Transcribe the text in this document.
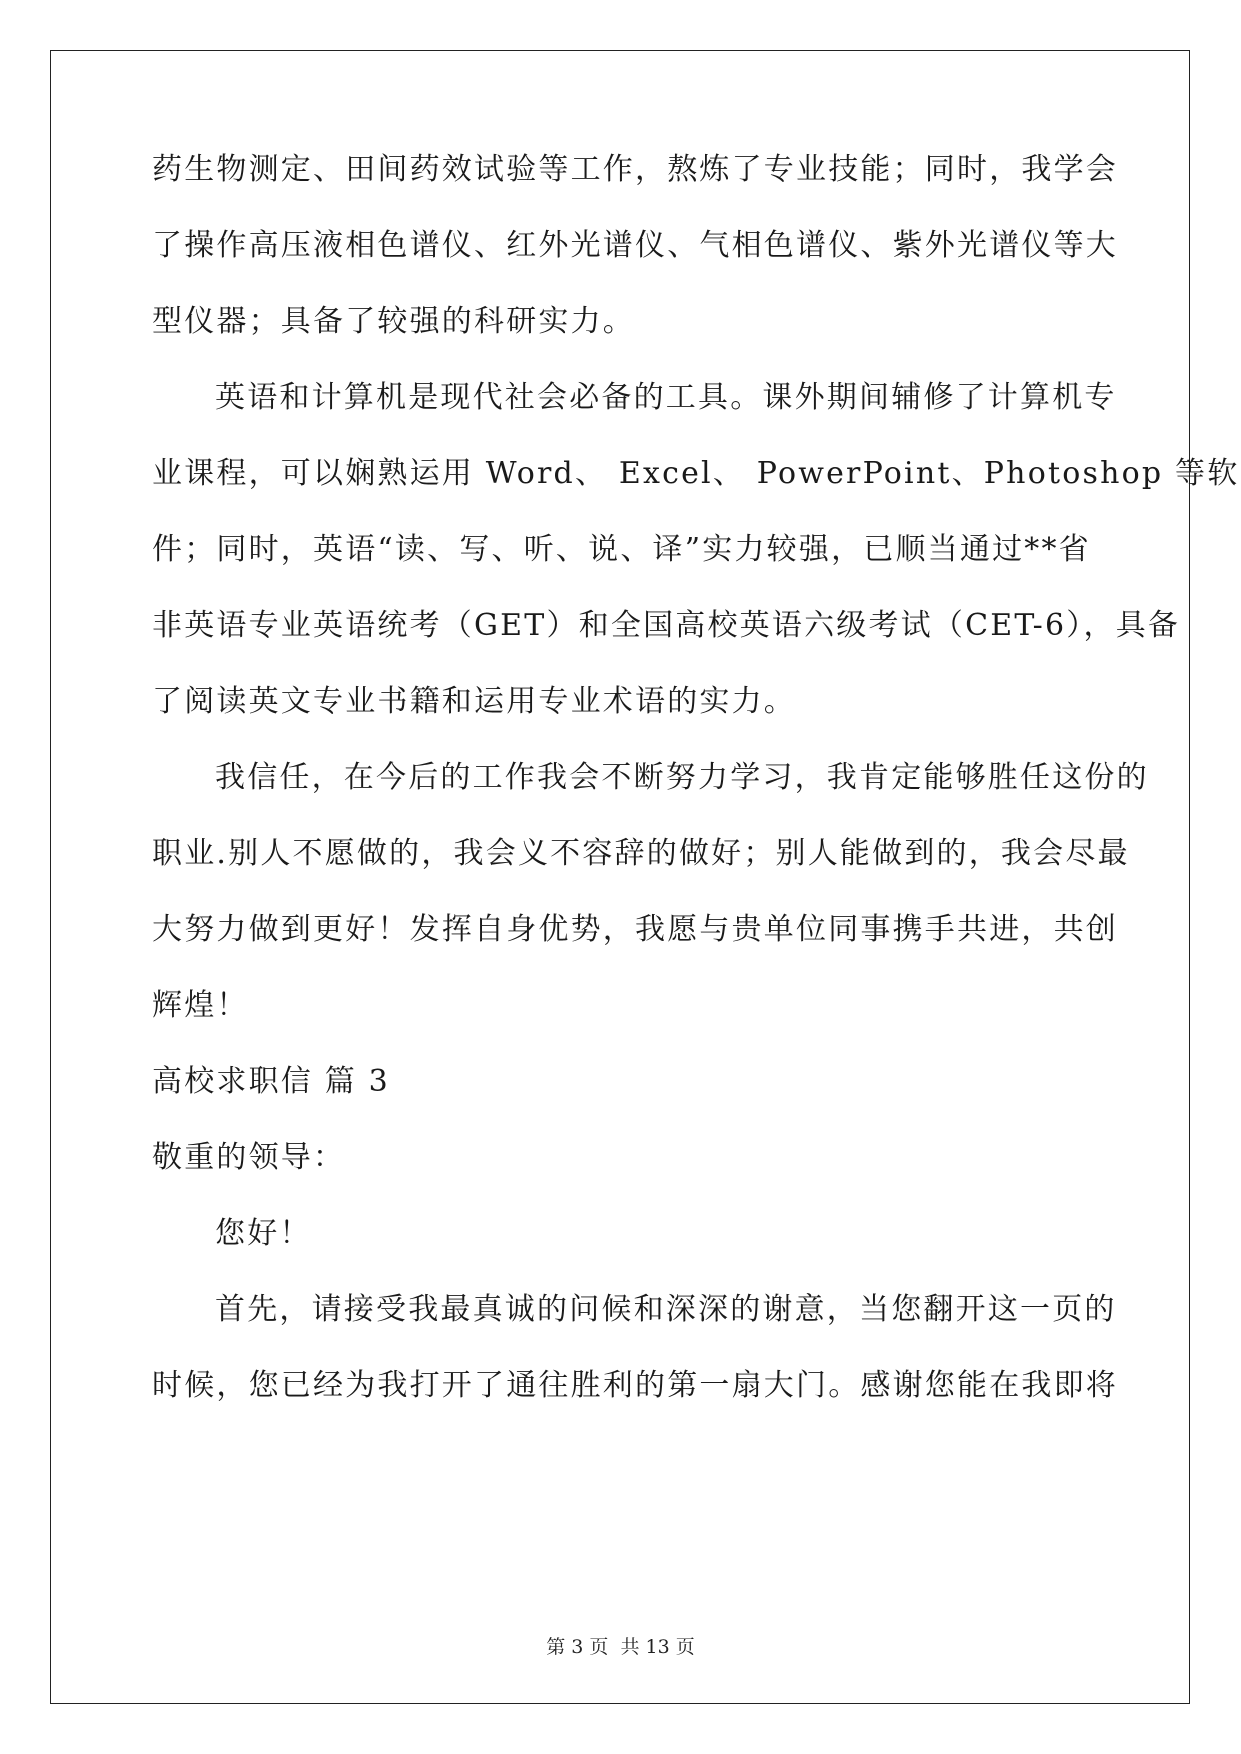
药生物测定、田间药效试验等工作，熬炼了专业技能；同时，我学会

了操作高压液相色谱仪、红外光谱仪、气相色谱仪、紫外光谱仪等大

型仪器；具备了较强的科研实力。

英语和计算机是现代社会必备的工具。课外期间辅修了计算机专

业课程，可以娴熟运用 Word、 Excel、 PowerPoint、Photoshop 等软

件；同时，英语“读、写、听、说、译”实力较强，已顺当通过**省

非英语专业英语统考（GET）和全国高校英语六级考试（CET-6），具备

了阅读英文专业书籍和运用专业术语的实力。

我信任，在今后的工作我会不断努力学习，我肯定能够胜任这份的

职业.别人不愿做的，我会义不容辞的做好；别人能做到的，我会尽最

大努力做到更好！发挥自身优势，我愿与贵单位同事携手共进，共创

辉煌！

高校求职信 篇 3

敬重的领导：

您好！

首先，请接受我最真诚的问候和深深的谢意，当您翻开这一页的

时候，您已经为我打开了通往胜利的第一扇大门。感谢您能在我即将

第 3 页 共 13 页
